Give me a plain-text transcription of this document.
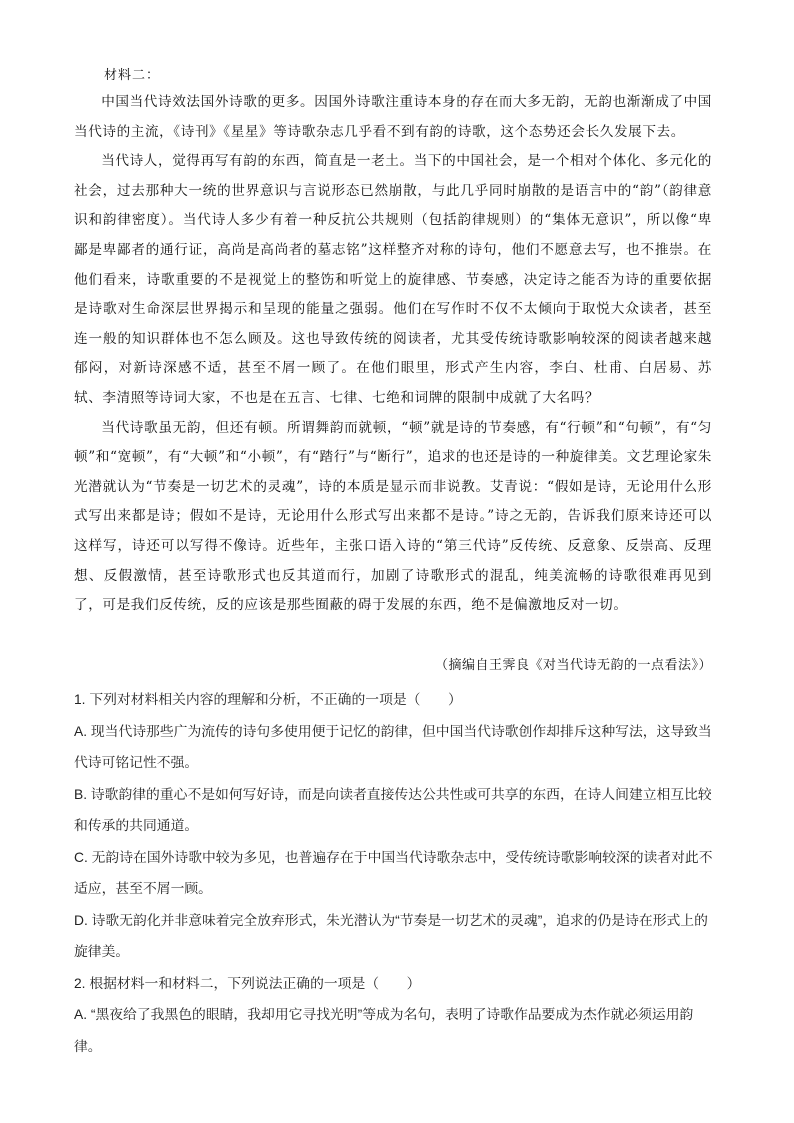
材料二：

中国当代诗效法国外诗歌的更多。因国外诗歌注重诗本身的存在而大多无韵，无韵也渐渐成了中国当代诗的主流，《诗刊》《星星》等诗歌杂志几乎看不到有韵的诗歌，这个态势还会长久发展下去。

当代诗人，觉得再写有韵的东西，简直是一老土。当下的中国社会，是一个相对个体化、多元化的社会，过去那种大一统的世界意识与言说形态已然崩散，与此几乎同时崩散的是语言中的“韵”（韵律意识和韵律密度）。当代诗人多少有着一种反抗公共规则（包括韵律规则）的“集体无意识”，所以像“卑鄙是卑鄙者的通行证，高尚是高尚者的墓志铭”这样整齐对称的诗句，他们不愿意去写，也不推崇。在他们看来，诗歌重要的不是视觉上的整饬和听觉上的旋律感、节奏感，决定诗之能否为诗的重要依据是诗歌对生命深层世界揭示和呈现的能量之强弱。他们在写作时不仅不太倾向于取悦大众读者，甚至连一般的知识群体也不怎么顾及。这也导致传统的阅读者，尤其受传统诗歌影响较深的阅读者越来越郁闷，对新诗深感不适，甚至不屑一顾了。在他们眼里，形式产生内容，李白、杜甫、白居易、苏轼、李清照等诗词大家，不也是在五言、七律、七绝和词牌的限制中成就了大名吗？

当代诗歌虽无韵，但还有顿。所谓舞韵而就顿，“顿”就是诗的节奏感，有“行顿”和“句顿”，有“匀顿”和“宽顿”，有“大顿”和“小顿”，有“踏行”与“断行”，追求的也还是诗的一种旋律美。文艺理论家朱光潜就认为“节奏是一切艺术的灵魂”，诗的本质是显示而非说教。艾青说：“假如是诗，无论用什么形式写出来都是诗；假如不是诗，无论用什么形式写出来都不是诗。”诗之无韵，告诉我们原来诗还可以这样写，诗还可以写得不像诗。近些年，主张口语入诗的“第三代诗”反传统、反意象、反崇高、反理想、反假激情，甚至诗歌形式也反其道而行，加剧了诗歌形式的混乱，纯美流畅的诗歌很难再见到了，可是我们反传统，反的应该是那些囿蔽的碍于发展的东西，绝不是偏激地反对一切。

（摘编自王霁良《对当代诗无韵的一点看法》）

1. 下列对材料相关内容的理解和分析，不正确的一项是（　　）

A. 现当代诗那些广为流传的诗句多使用便于记忆的韵律，但中国当代诗歌创作却排斥这种写法，这导致当代诗可铭记性不强。

B. 诗歌韵律的重心不是如何写好诗，而是向读者直接传达公共性或可共享的东西，在诗人间建立相互比较和传承的共同通道。

C. 无韵诗在国外诗歌中较为多见，也普遍存在于中国当代诗歌杂志中，受传统诗歌影响较深的读者对此不适应，甚至不屑一顾。

D. 诗歌无韵化并非意味着完全放弃形式，朱光潜认为“节奏是一切艺术的灵魂”，追求的仍是诗在形式上的旋律美。

2. 根据材料一和材料二，下列说法正确的一项是（　　）

A. “黑夜给了我黑色的眼睛，我却用它寻找光明”等成为名句，表明了诗歌作品要成为杰作就必须运用韵律。
